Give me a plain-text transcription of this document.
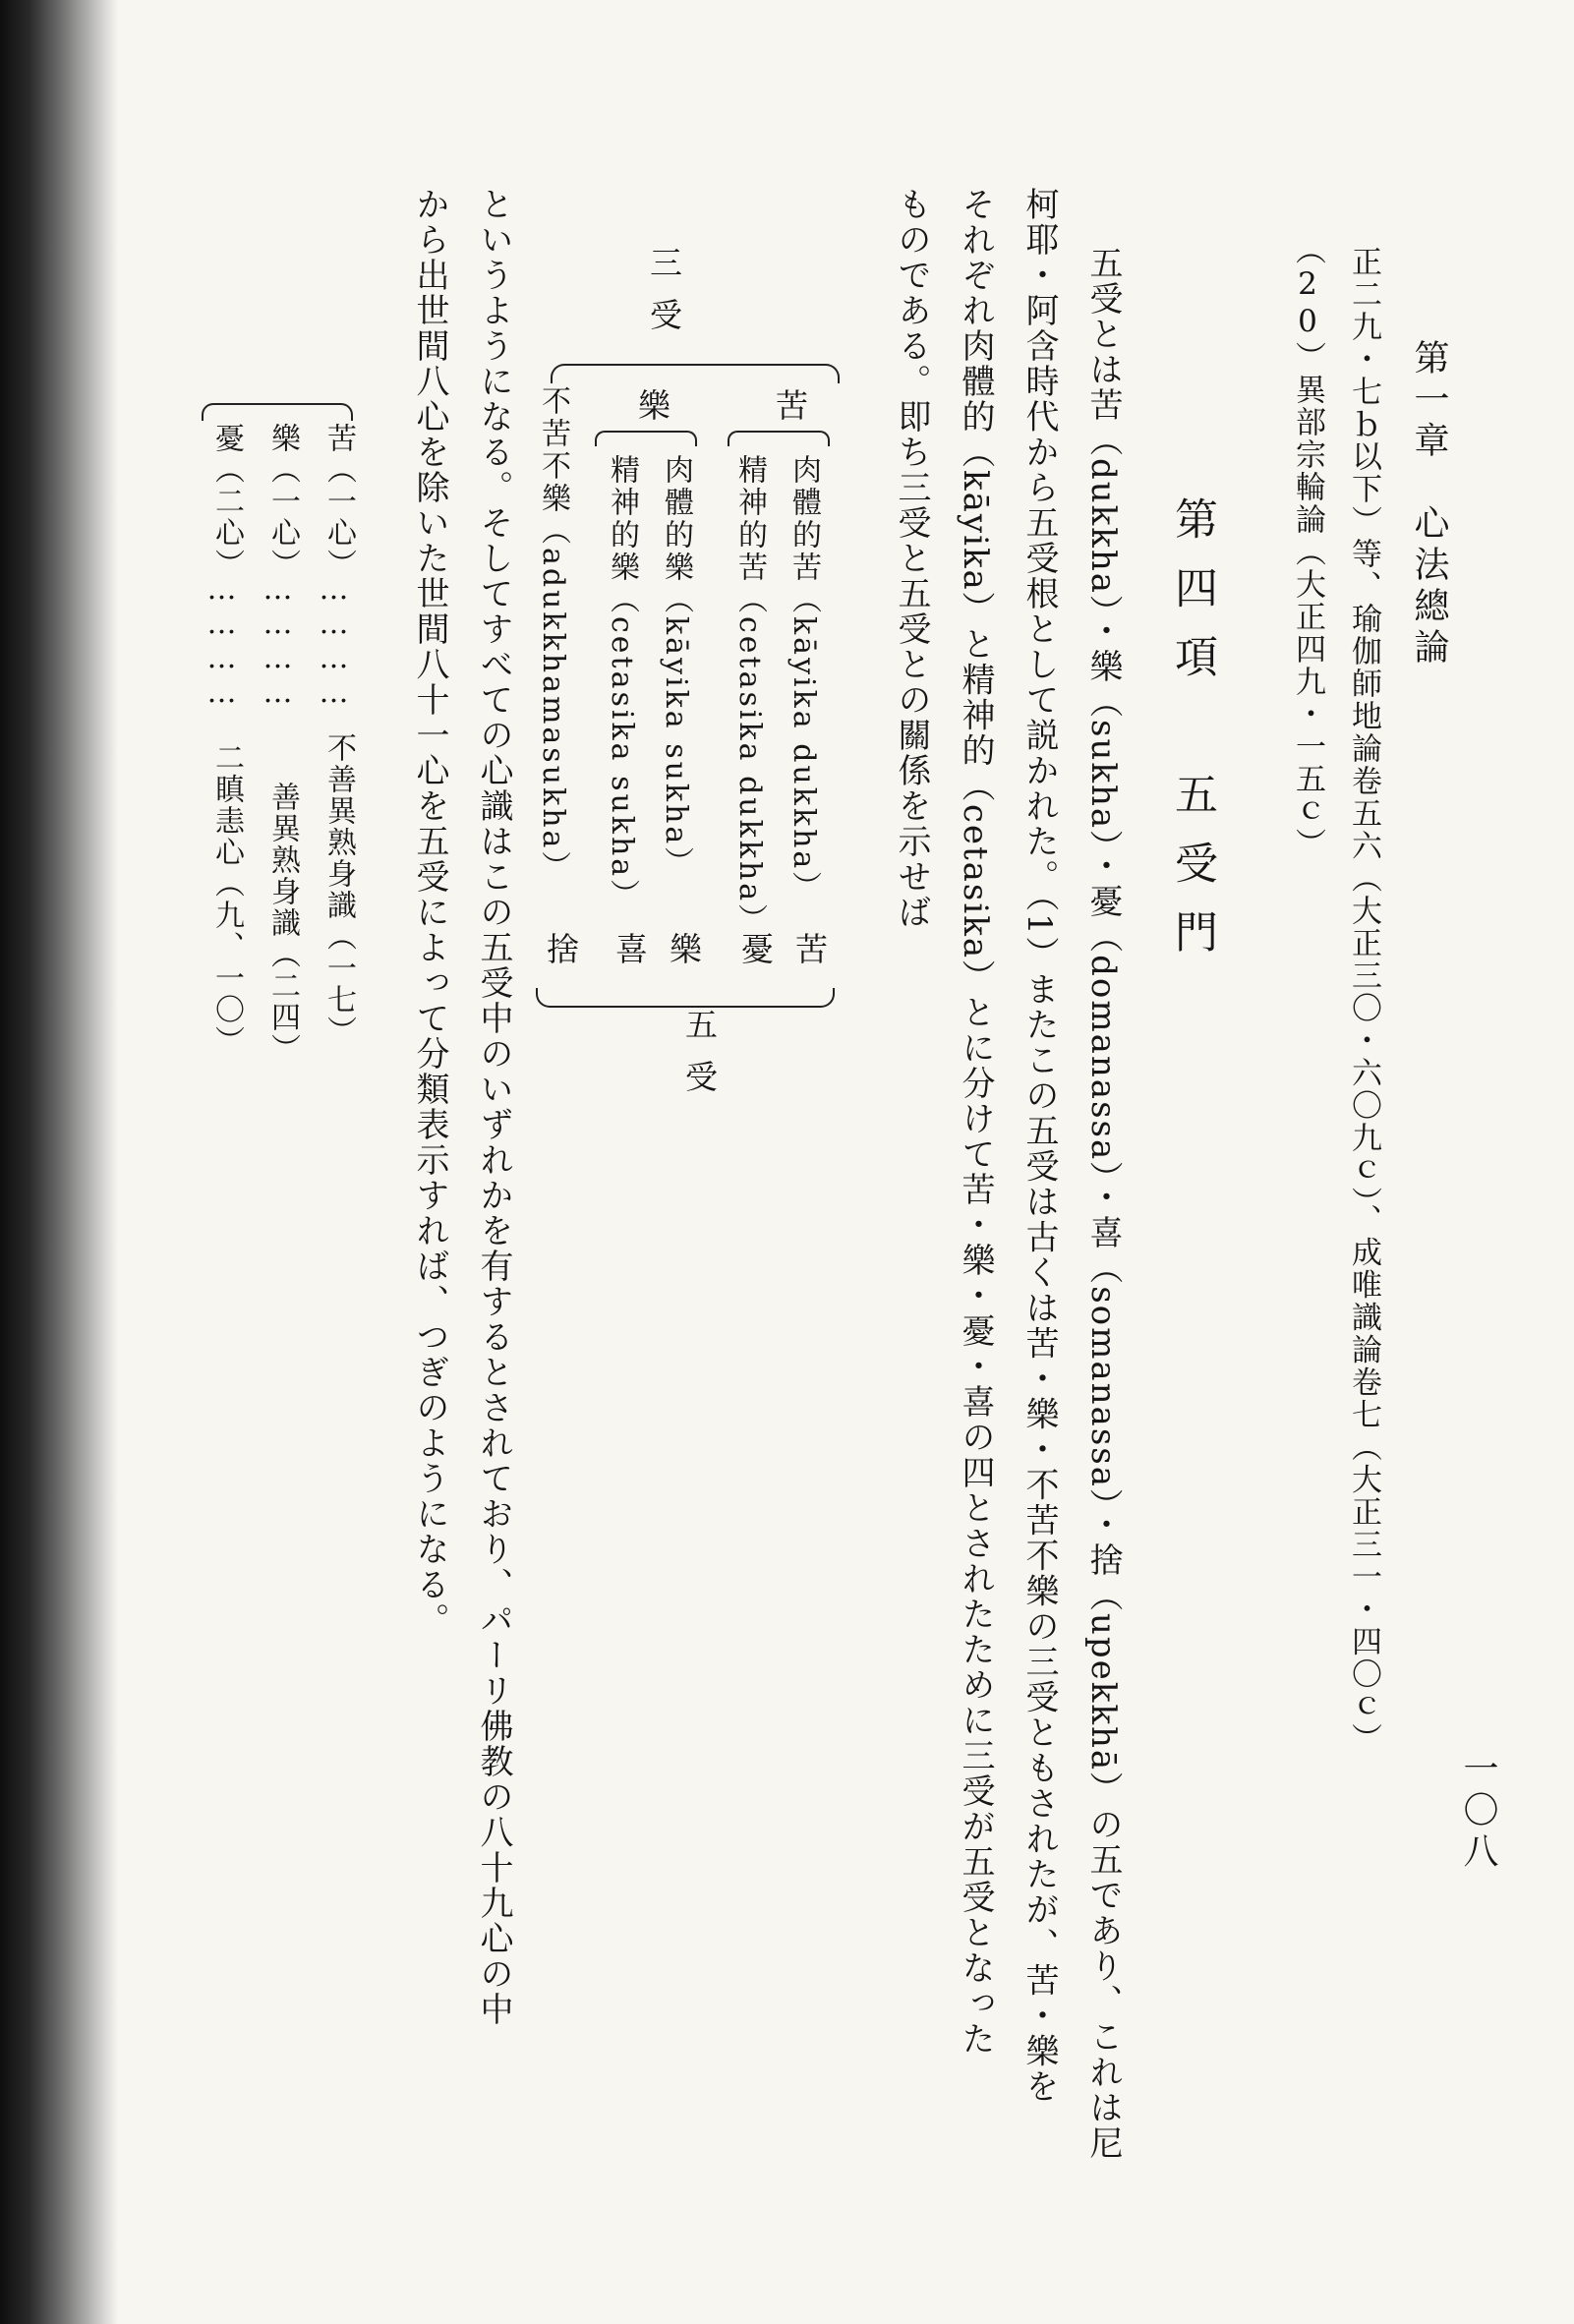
第一章　心法總論
一〇八
正二九・七ｂ以下）等、瑜伽師地論卷五六（大正三〇・六〇九ｃ）、成唯識論卷七（大正三一・四〇ｃ）
（20）異部宗輪論（大正四九・一五ｃ）
第四項　五受門
五受とは苦（dukkha）・樂（sukha）・憂（domanassa）・喜（somanassa）・捨（upekkhā）の五であり、これは尼
柯耶・阿含時代から五受根として説かれた。（1）またこの五受は古くは苦・樂・不苦不樂の三受ともされたが、苦・樂を
それぞれ肉體的（kāyika）と精神的（cetasika）とに分けて苦・樂・憂・喜の四とされたために三受が五受となった
ものである。即ち三受と五受との關係を示せば
三受
苦
肉體的苦（kāyika dukkha）
精神的苦（cetasika dukkha）
苦
憂
樂
肉體的樂（kāyika sukha）
精神的樂（cetasika sukha）
樂
喜
不苦不樂（adukkhamasukha）
捨
五受
というようになる。そしてすべての心識はこの五受中のいずれかを有するとされており、パーリ佛教の八十九心の中
から出世間八心を除いた世間八十一心を五受によって分類表示すれば、つぎのようになる。
苦（一心）
…………
不善異熟身識（一七）
樂（一心）
…………
善異熟身識（二四）
憂（二心）
…………
二瞋恚心（九、一〇）
